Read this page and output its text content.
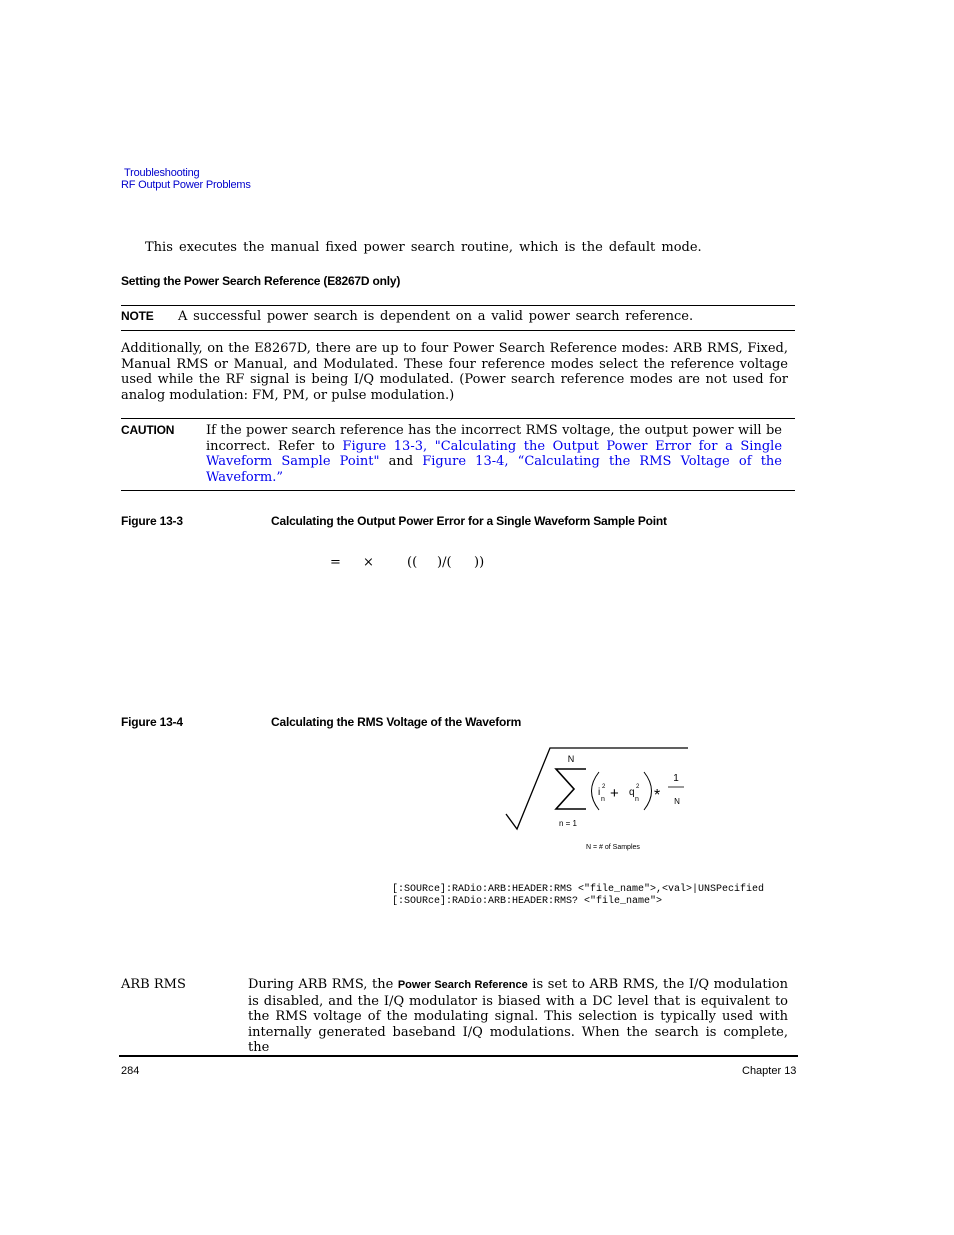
Troubleshooting
RF Output Power Problems
This executes the manual fixed power search routine, which is the default mode.
Setting the Power Search Reference (E8267D only)
NOTE A successful power search is dependent on a valid power search reference.
Additionally, on the E8267D, there are up to four Power Search Reference modes: ARB RMS, Fixed, Manual RMS or Manual, and Modulated. These four reference modes select the reference voltage used while the RF signal is being I/Q modulated. (Power search reference modes are not used for analog modulation: FM, PM, or pulse modulation.)
CAUTION If the power search reference has the incorrect RMS voltage, the output power will be incorrect. Refer to Figure 13-3, "Calculating the Output Power Error for a Single Waveform Sample Point" and Figure 13-4, “Calculating the RMS Voltage of the Waveform.”
Figure 13-3	Calculating the Output Power Error for a Single Waveform Sample Point
= ×	(( )∕( ))
Figure 13-4	Calculating the RMS Voltage of the Waveform
N
n = 1
i 2
n + q 2
n *
1
N
N = # of Samples
[:SOURce]:RADio:ARB:HEADER:RMS <"file_name">,<val>|UNSPecified
[:SOURce]:RADio:ARB:HEADER:RMS? <"file_name">
ARB RMS	During ARB RMS, the Power Search Reference is set to ARB RMS, the I/Q modulation is disabled, and the I/Q modulator is biased with a DC level that is equivalent to the RMS voltage of the modulating signal. This selection is typically used with internally generated baseband I/Q modulations. When the search is complete, the
284	Chapter 13
